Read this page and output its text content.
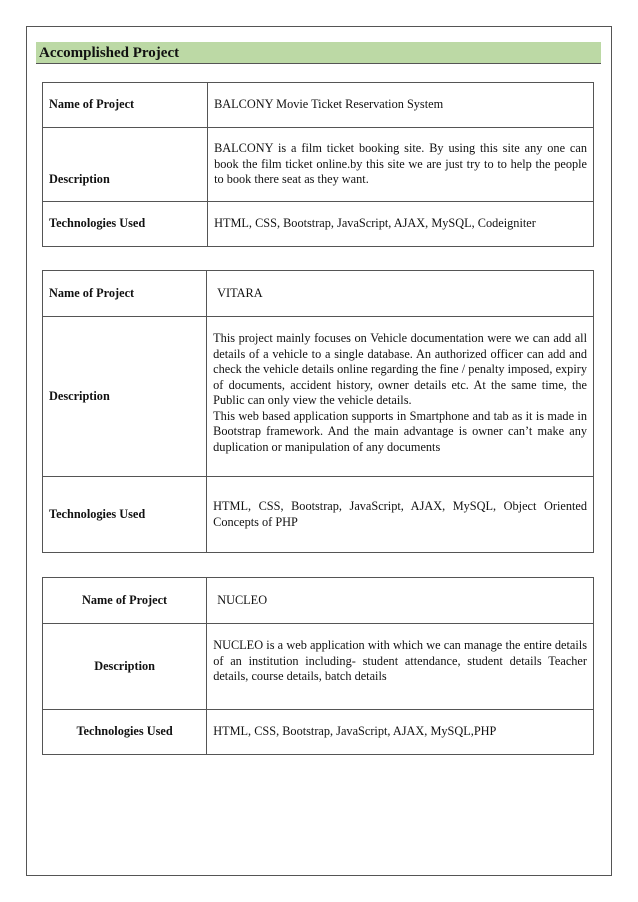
Accomplished Project
Name of Project	BALCONY Movie Ticket Reservation System
Description	BALCONY is a film ticket booking site. By using this site any one can book the film ticket online.by this site we are just try to to help the people to book there seat as they want.

Technologies Used	HTML, CSS, Bootstrap, JavaScript, AJAX, MySQL, Codeigniter
Name of Project	VITARA
Description	This project mainly focuses on Vehicle documentation were we can add all    details of a vehicle to a single database. An authorized officer can add and check the vehicle details online regarding the fine / penalty imposed, expiry of documents, accident history, owner details etc. At the same time, the Public can only view the vehicle details.
This web based application supports in Smartphone and tab as it is made in Bootstrap framework. And the main advantage is owner can’t make any duplication or manipulation of any documents

Technologies Used	HTML, CSS, Bootstrap, JavaScript, AJAX, MySQL, Object Oriented Concepts of PHP
Name of Project	NUCLEO
Description	NUCLEO is a web application with which we can manage the entire details of an institution including- student attendance, student details Teacher details, course details, batch details

Technologies Used	HTML, CSS, Bootstrap, JavaScript, AJAX, MySQL,PHP
